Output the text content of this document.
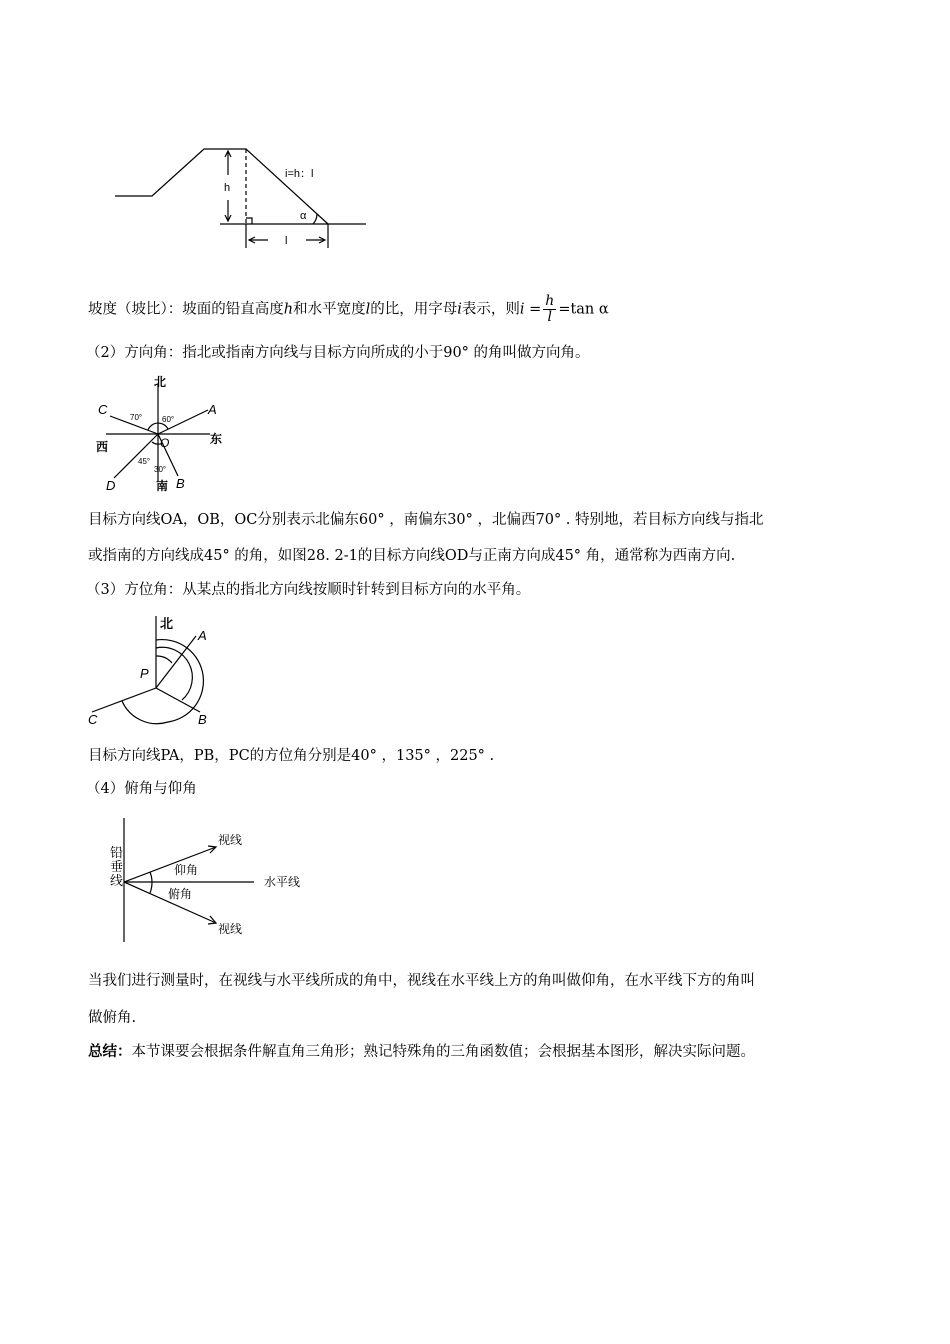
i=h：l
h
α
l
坡度（坡比）：坡面的铅直高度h和水平宽度l的比，用字母i表示，则$i = \frac{h}{l} =\tan$ α
（2）方向角：指北或指南方向线与目标方向所成的小于90° 的角叫做方向角。
北
70° 60°
C	A
西	O	东
45°
30°
D	南 B
目标方向线OA，OB，OC分别表示北偏东60° ，南偏东30° ，北偏西70° . 特别地，若目标方向线与指北
或指南的方向线成45° 的角，如图28. 2-1的目标方向线OD与正南方向成45° 角，通常称为西南方向.
（3）方位角：从某点的指北方向线按顺时针转到目标方向的水平角。
北
A
P
C	B
目标方向线PA，PB，PC的方位角分别是40° ，135° ，225° .
（4）俯角与仰角
铅
垂
线
视线
仰角
水平线
俯角
视线
当我们进行测量时，在视线与水平线所成的角中，视线在水平线上方的角叫做仰角，在水平线下方的角叫
做俯角.
总结：本节课要会根据条件解直角三角形；熟记特殊角的三角函数值；会根据基本图形，解决实际问题。
